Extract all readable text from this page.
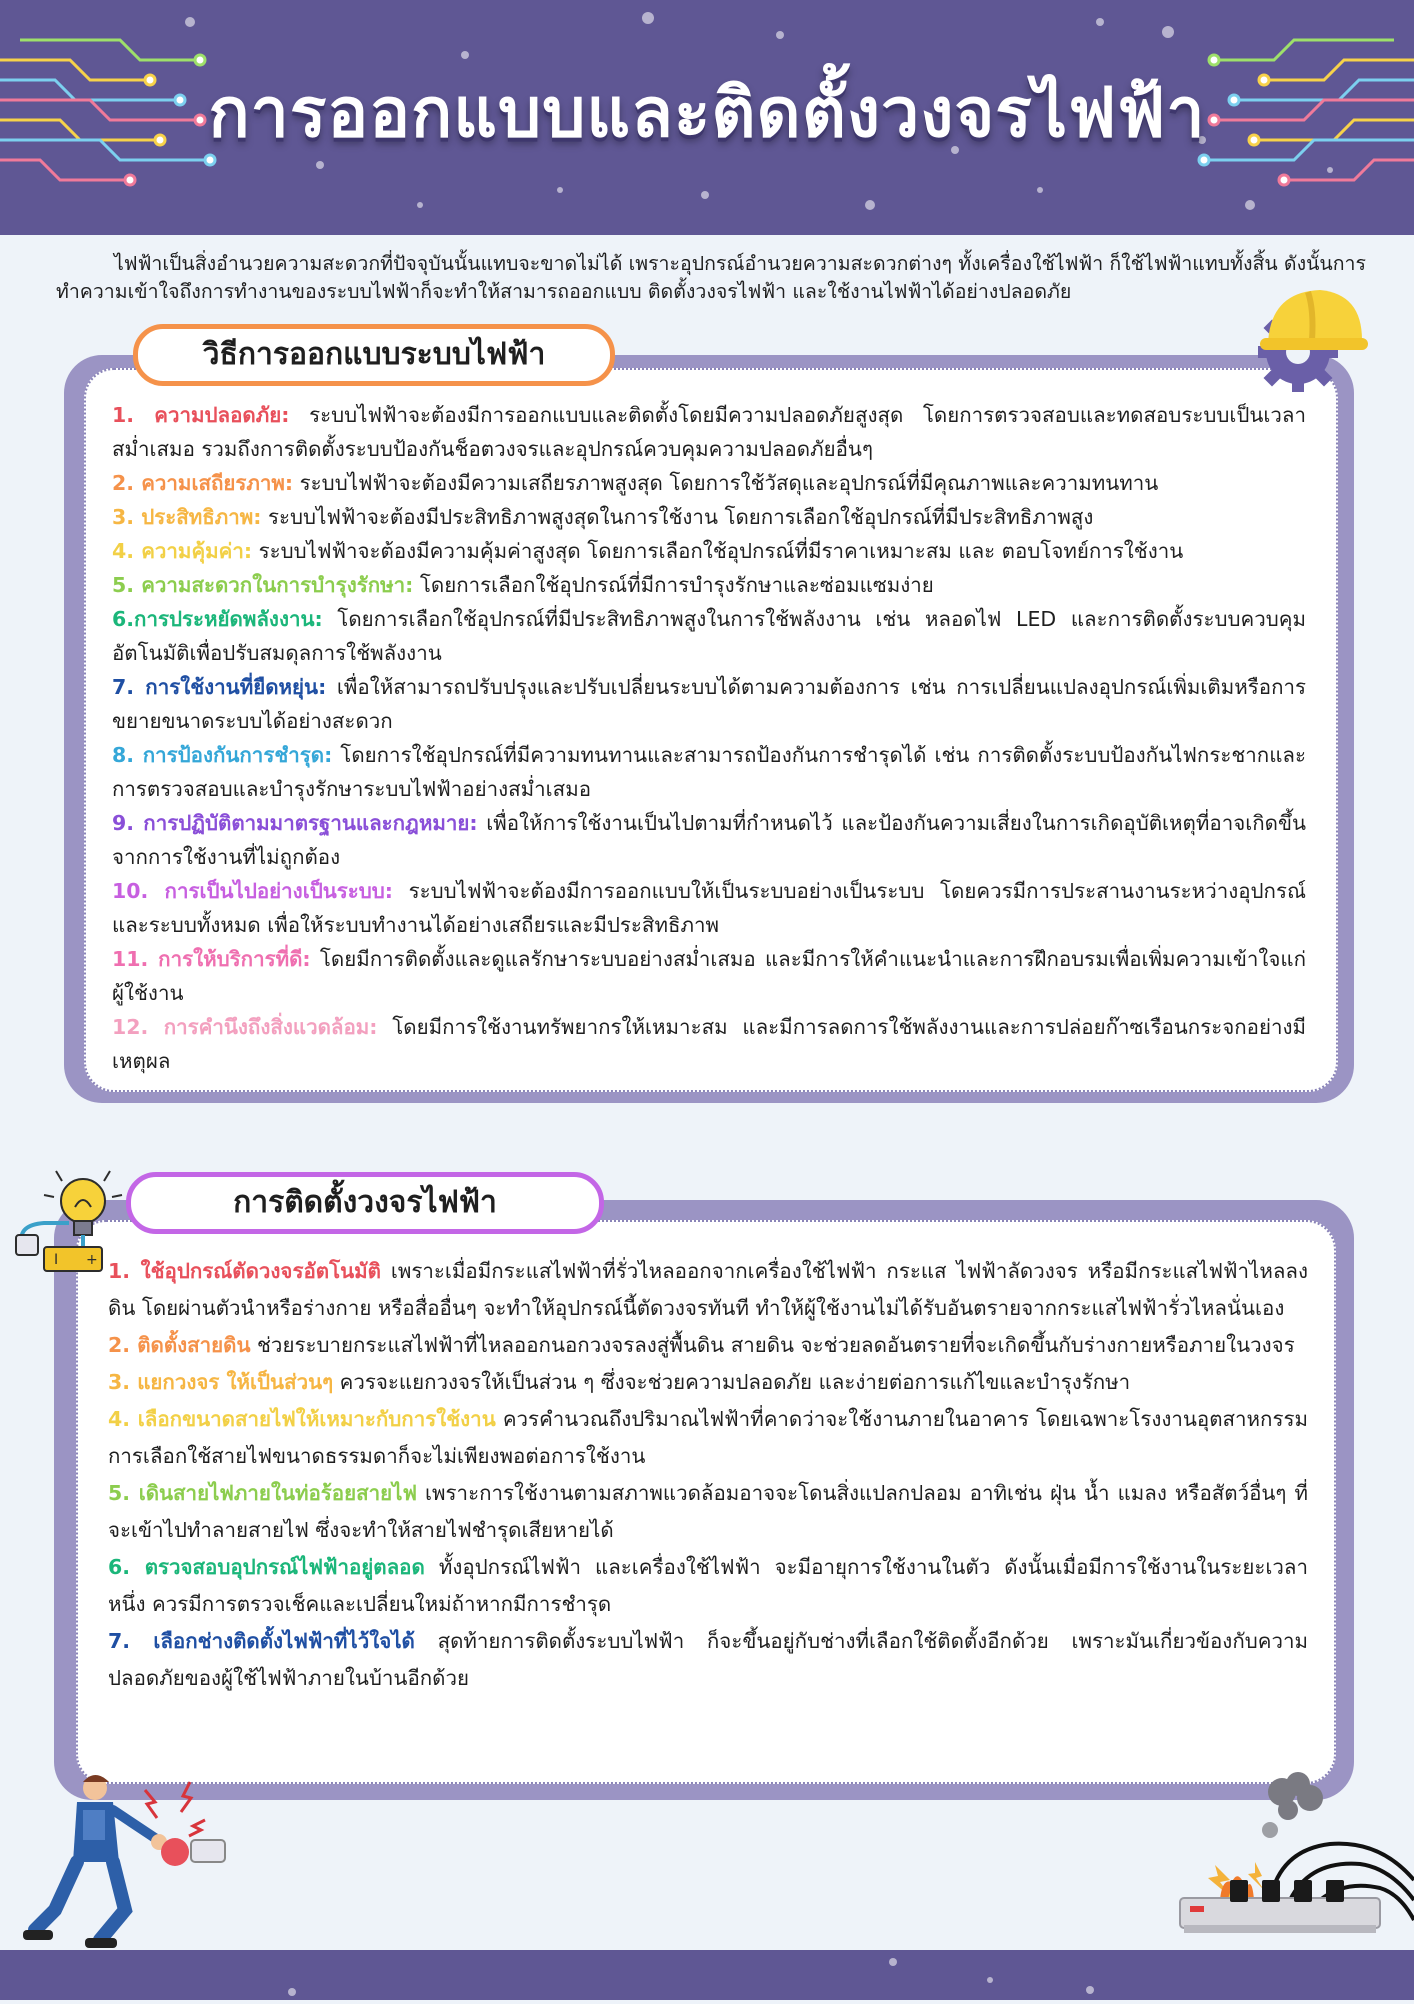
การออกแบบและติดตั้งวงจรไฟฟ้า
ไฟฟ้าเป็นสิ่งอำนวยความสะดวกที่ปัจจุบันนั้นแทบจะขาดไม่ได้ เพราะอุปกรณ์อำนวยความสะดวกต่างๆ ทั้งเครื่องใช้ไฟฟ้า ก็ใช้ไฟฟ้าแทบทั้งสิ้น ดังนั้นการทำความเข้าใจถึงการทำงานของระบบไฟฟ้าก็จะทำให้สามารถออกแบบ ติดตั้งวงจรไฟฟ้า และใช้งานไฟฟ้าได้อย่างปลอดภัย
วิธีการออกแบบระบบไฟฟ้า
1. ความปลอดภัย: ระบบไฟฟ้าจะต้องมีการออกแบบและติดตั้งโดยมีความปลอดภัยสูงสุด โดยการตรวจสอบและทดสอบระบบเป็นเวลาสม่ำเสมอ รวมถึงการติดตั้งระบบป้องกันช็อตวงจรและอุปกรณ์ควบคุมความปลอดภัยอื่นๆ
2. ความเสถียรภาพ: ระบบไฟฟ้าจะต้องมีความเสถียรภาพสูงสุด โดยการใช้วัสดุและอุปกรณ์ที่มีคุณภาพและความทนทาน
3. ประสิทธิภาพ: ระบบไฟฟ้าจะต้องมีประสิทธิภาพสูงสุดในการใช้งาน โดยการเลือกใช้อุปกรณ์ที่มีประสิทธิภาพสูง
4. ความคุ้มค่า: ระบบไฟฟ้าจะต้องมีความคุ้มค่าสูงสุด โดยการเลือกใช้อุปกรณ์ที่มีราคาเหมาะสม และ ตอบโจทย์การใช้งาน
5. ความสะดวกในการบำรุงรักษา: โดยการเลือกใช้อุปกรณ์ที่มีการบำรุงรักษาและซ่อมแซมง่าย
6.การประหยัดพลังงาน: โดยการเลือกใช้อุปกรณ์ที่มีประสิทธิภาพสูงในการใช้พลังงาน เช่น หลอดไฟ LED และการติดตั้งระบบควบคุมอัตโนมัติเพื่อปรับสมดุลการใช้พลังงาน
7. การใช้งานที่ยืดหยุ่น: เพื่อให้สามารถปรับปรุงและปรับเปลี่ยนระบบได้ตามความต้องการ เช่น การเปลี่ยนแปลงอุปกรณ์เพิ่มเติมหรือการขยายขนาดระบบได้อย่างสะดวก
8. การป้องกันการชำรุด: โดยการใช้อุปกรณ์ที่มีความทนทานและสามารถป้องกันการชำรุดได้ เช่น การติดตั้งระบบป้องกันไฟกระชากและการตรวจสอบและบำรุงรักษาระบบไฟฟ้าอย่างสม่ำเสมอ
9. การปฏิบัติตามมาตรฐานและกฎหมาย: เพื่อให้การใช้งานเป็นไปตามที่กำหนดไว้ และป้องกันความเสี่ยงในการเกิดอุบัติเหตุที่อาจเกิดขึ้นจากการใช้งานที่ไม่ถูกต้อง
10. การเป็นไปอย่างเป็นระบบ: ระบบไฟฟ้าจะต้องมีการออกแบบให้เป็นระบบอย่างเป็นระบบ โดยควรมีการประสานงานระหว่างอุปกรณ์และระบบทั้งหมด เพื่อให้ระบบทำงานได้อย่างเสถียรและมีประสิทธิภาพ
11. การให้บริการที่ดี: โดยมีการติดตั้งและดูแลรักษาระบบอย่างสม่ำเสมอ และมีการให้คำแนะนำและการฝึกอบรมเพื่อเพิ่มความเข้าใจแก่ผู้ใช้งาน
12. การคำนึงถึงสิ่งแวดล้อม: โดยมีการใช้งานทรัพยากรให้เหมาะสม และมีการลดการใช้พลังงานและการปล่อยก๊าซเรือนกระจกอย่างมีเหตุผล
การติดตั้งวงจรไฟฟ้า
I + 1. ใช้อุปกรณ์ตัดวงจรอัตโนมัติ เพราะเมื่อมีกระแสไฟฟ้าที่รั่วไหลออกจากเครื่องใช้ไฟฟ้า กระแส ไฟฟ้าลัดวงจร หรือมีกระแสไฟฟ้าไหลลงดิน โดยผ่านตัวนำหรือร่างกาย หรือสื่ออื่นๆ จะทำให้อุปกรณ์นี้ตัดวงจรทันที ทำให้ผู้ใช้งานไม่ได้รับอันตรายจากกระแสไฟฟ้ารั่วไหลนั่นเอง
2. ติดตั้งสายดิน ช่วยระบายกระแสไฟฟ้าที่ไหลออกนอกวงจรลงสู่พื้นดิน สายดิน จะช่วยลดอันตรายที่จะเกิดขึ้นกับร่างกายหรือภายในวงจร
3. แยกวงจร ให้เป็นส่วนๆ ควรจะแยกวงจรให้เป็นส่วน ๆ ซึ่งจะช่วยความปลอดภัย และง่ายต่อการแก้ไขและบำรุงรักษา
4. เลือกขนาดสายไฟให้เหมาะกับการใช้งาน ควรคำนวณถึงปริมาณไฟฟ้าที่คาดว่าจะใช้งานภายในอาคาร โดยเฉพาะโรงงานอุตสาหกรรม การเลือกใช้สายไฟขนาดธรรมดาก็จะไม่เพียงพอต่อการใช้งาน
5. เดินสายไฟภายในท่อร้อยสายไฟ เพราะการใช้งานตามสภาพแวดล้อมอาจจะโดนสิ่งแปลกปลอม อาทิเช่น ฝุ่น น้ำ แมลง หรือสัตว์อื่นๆ ที่จะเข้าไปทำลายสายไฟ ซึ่งจะทำให้สายไฟชำรุดเสียหายได้
6. ตรวจสอบอุปกรณ์ไฟฟ้าอยู่ตลอด ทั้งอุปกรณ์ไฟฟ้า และเครื่องใช้ไฟฟ้า จะมีอายุการใช้งานในตัว ดังนั้นเมื่อมีการใช้งานในระยะเวลาหนึ่ง ควรมีการตรวจเช็คและเปลี่ยนใหม่ถ้าหากมีการชำรุด
7. เลือกช่างติดตั้งไฟฟ้าที่ไว้ใจได้ สุดท้ายการติดตั้งระบบไฟฟ้า ก็จะขึ้นอยู่กับช่างที่เลือกใช้ติดตั้งอีกด้วย เพราะมันเกี่ยวข้องกับความปลอดภัยของผู้ใช้ไฟฟ้าภายในบ้านอีกด้วย
